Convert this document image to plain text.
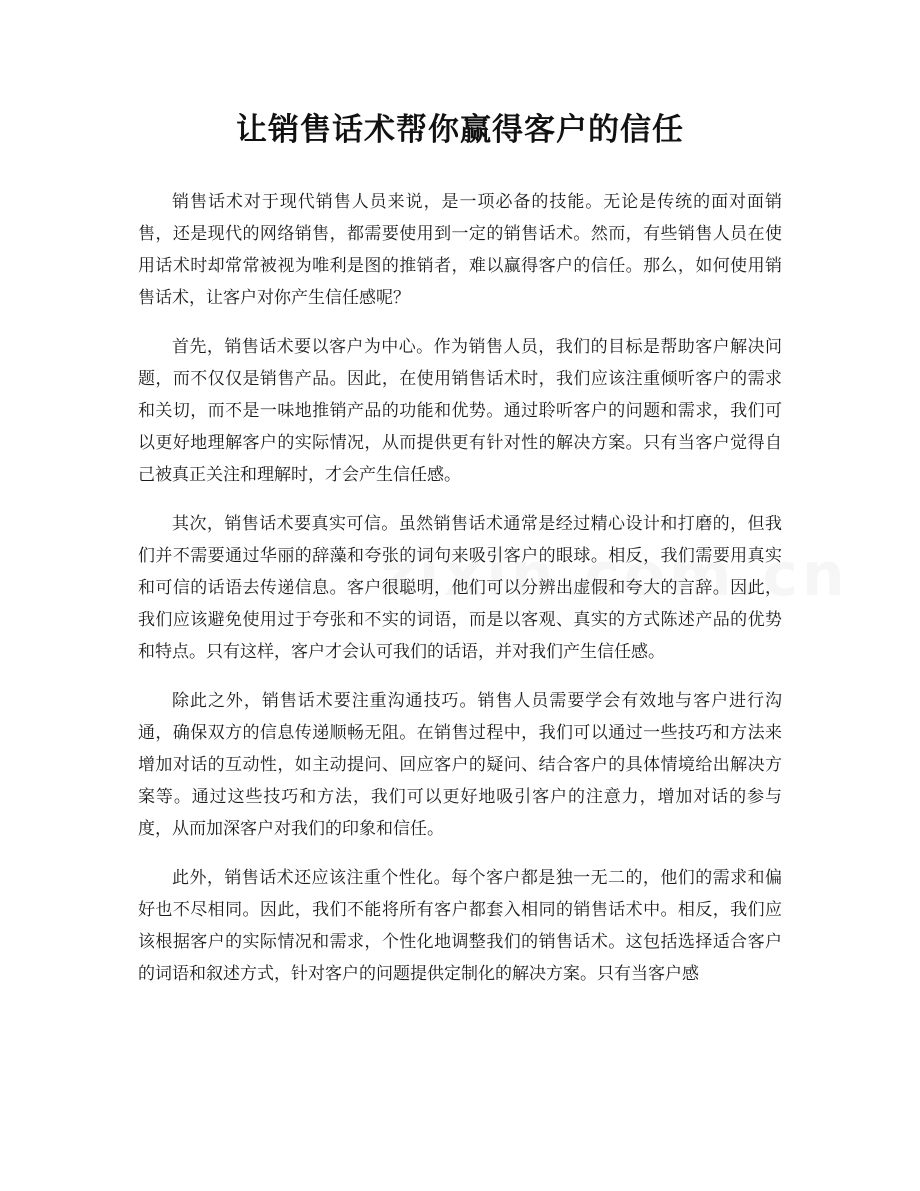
让销售话术帮你赢得客户的信任

销售话术对于现代销售人员来说，是一项必备的技能。无论是传统的面对面销售，还是现代的网络销售，都需要使用到一定的销售话术。然而，有些销售人员在使用话术时却常常被视为唯利是图的推销者，难以赢得客户的信任。那么，如何使用销售话术，让客户对你产生信任感呢？

首先，销售话术要以客户为中心。作为销售人员，我们的目标是帮助客户解决问题，而不仅仅是销售产品。因此，在使用销售话术时，我们应该注重倾听客户的需求和关切，而不是一味地推销产品的功能和优势。通过聆听客户的问题和需求，我们可以更好地理解客户的实际情况，从而提供更有针对性的解决方案。只有当客户觉得自己被真正关注和理解时，才会产生信任感。

其次，销售话术要真实可信。虽然销售话术通常是经过精心设计和打磨的，但我们并不需要通过华丽的辞藻和夸张的词句来吸引客户的眼球。相反，我们需要用真实和可信的话语去传递信息。客户很聪明，他们可以分辨出虚假和夸大的言辞。因此，我们应该避免使用过于夸张和不实的词语，而是以客观、真实的方式陈述产品的优势和特点。只有这样，客户才会认可我们的话语，并对我们产生信任感。

除此之外，销售话术要注重沟通技巧。销售人员需要学会有效地与客户进行沟通，确保双方的信息传递顺畅无阻。在销售过程中，我们可以通过一些技巧和方法来增加对话的互动性，如主动提问、回应客户的疑问、结合客户的具体情境给出解决方案等。通过这些技巧和方法，我们可以更好地吸引客户的注意力，增加对话的参与度，从而加深客户对我们的印象和信任。

此外，销售话术还应该注重个性化。每个客户都是独一无二的，他们的需求和偏好也不尽相同。因此，我们不能将所有客户都套入相同的销售话术中。相反，我们应该根据客户的实际情况和需求，个性化地调整我们的销售话术。这包括选择适合客户的词语和叙述方式，针对客户的问题提供定制化的解决方案。只有当客户感
